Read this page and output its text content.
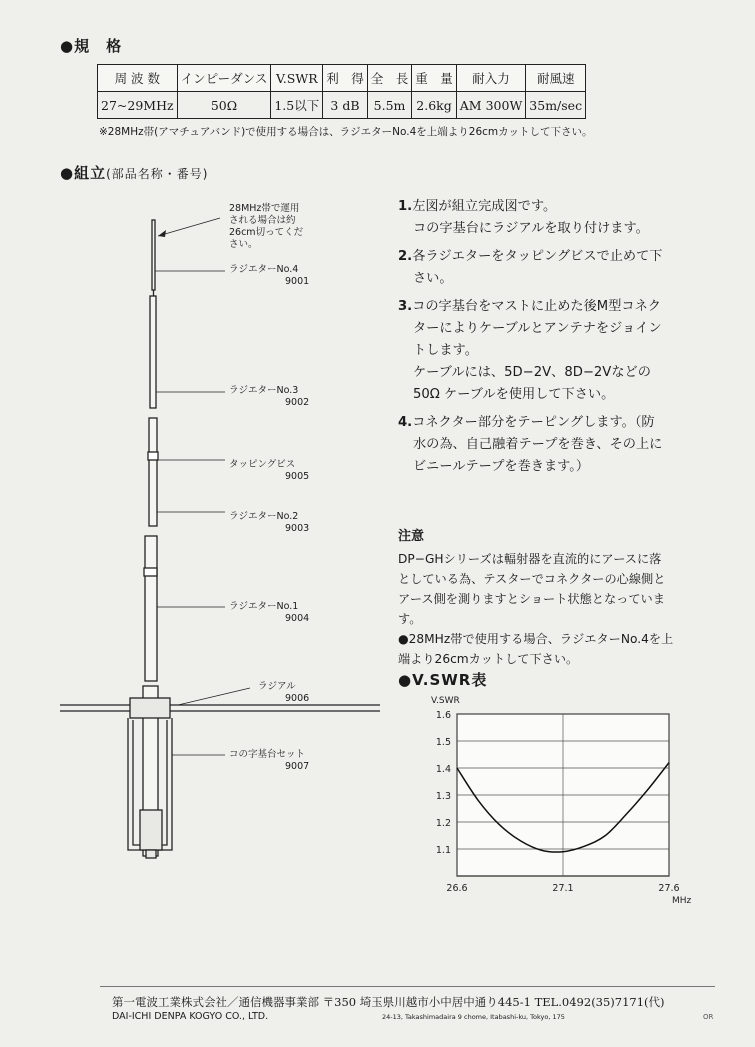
●規　格
周 波 数	インピーダンス	V.SWR	利　得	全　長	重　量	耐入力	耐風速
27~29MHz	50Ω	1.5以下	3 dB	5.5m	2.6kg	AM 300W	35m/sec
※28MHz帯(アマチュアバンド)で使用する場合は、ラジエターNo.4を上端より26cmカットして下さい。
●組立(部品名称・番号)
28MHz帯で運用
される場合は約
26cm切ってくだ
さい。
ラジエターNo.4
9001
ラジエターNo.3
9002
タッピングビス
9005
ラジエターNo.2
9003
ラジエターNo.1
9004
ラジアル
9006
コの字基台セット
9007

1.左図が組立完成図です。

コの字基台にラジアルを取り付けます。

2.各ラジエターをタッピングビスで止めて下

さい。

3.コの字基台をマストに止めた後M型コネク

ターによりケーブルとアンテナをジョイン

トします。

ケーブルには、5D−2V、8D−2Vなどの

50Ω ケーブルを使用して下さい。

4.コネクター部分をテーピングします。（防

水の為、自己融着テープを巻き、その上に

ビニールテープを巻きます。）

注意
DP−GHシリーズは輻射器を直流的にアースに落
としている為、テスターでコネクターの心線側と
アース側を測りますとショート状態となっていま
す。
●28MHz帯で使用する場合、ラジエターNo.4を上
端より26cmカットして下さい。
●V.SWR表
1.6
1.5
1.4
1.3
1.2
1.1
26.6	27.1	27.6
V.SWR
MHz
第一電波工業株式会社／通信機器事業部 〒350 埼玉県川越市小中居中通り445-1 TEL.0492(35)7171(代)
DAI-ICHI DENPA KOGYO CO., LTD.	24-13, Takashimadaira 9 chome, Itabashi-ku, Tokyo, 175	OR
